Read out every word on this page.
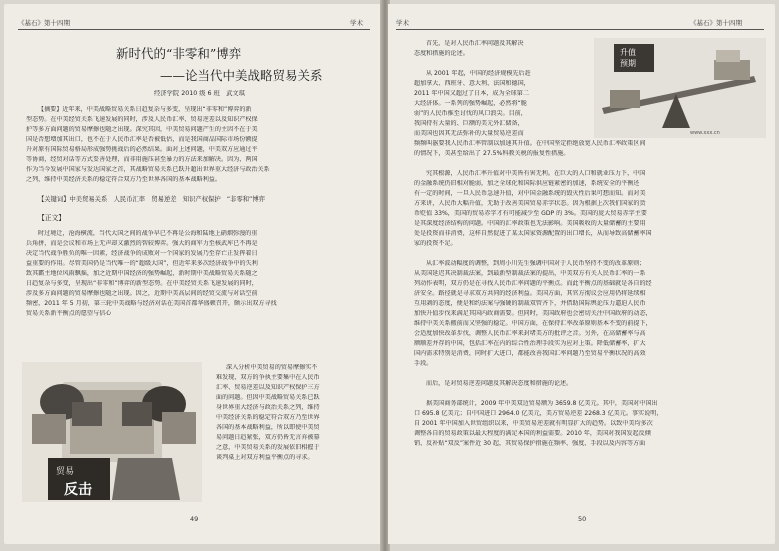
《基石》第十四期	学术
新时代的“非零和”博弈
——论当代中美战略贸易关系
经济学院 2010 级 6 班　武文琪
【摘要】近年来，中美战略贸易关系日趋复杂与多变，呈现出“非零和”博弈的新
型态势。在中美经贸关系飞速发展的同时，涉及人民币汇率、贸易逆差以及知识产权保
护等多方面问题的贸易摩擦也随之出现。深究其因，中美贸易问题产生的主因不在于美
国是否想增加其出口，也不在于人民币汇率是否被低估，而是我国商品国际市场份额提
升对原有国际贸易格局形成强势挑战后的必然结果。面对上述问题，中美双方应通过平
等协商，经贸对话等方式妥善处理，而非用施压甚至暴力的方法来加解决。因为，两国
作为当今发展中国家与发达国家之首，其战略贸易关系已跃升超出世界重大经济与政治关系
之列，维持中美经济关系的稳定符合双方乃至世界各国的基本战略利益。
【关键词】中美贸易关系　人民币汇率　贸易逆差　知识产权保护　“非零和”博弈
【正文】
时过境迁，沧海横流，当代大国之间的战争早已不再是公海和陆地上硝烟弥漫的重
兵角拼，而是会议和市场上无声却又激烈的智较博弈。强大的商军力至核武库已不再是
决定当代战争胜负的唯一因素，经济战争的成败对一个国家的发展乃至存亡正发挥着日
益重要的作用。尽管美国仍是当代唯一的“超级大国”，但近年来多次经济战争中的失利
致其霸主地位风雨飘摇，加之近期中国经济的强势崛起，新时期中美战略贸易关系随之
日趋复杂与多变，呈现出“非零和”博弈的新型态势。在中美经贸关系飞速发展的同时，
涉及多方面问题的贸易摩擦也随之出现。因之，近期中美高层间的经贸交流与对话空前
频密，2011 年 5 月初，第三轮中美战略与经济对话在美国首都华盛顿召开，颇示出双方寻找
贸易关系新平衡点的愿望与信心
贸易
反击
深入分析中美贸易的贸易摩擦实不
难发现，双方的争执主要集中在人民币
汇率、贸易逆差以及知识产权保护三方
面的问题。但因中美战略贸易关系已跃
身世界重大经济与政治关系之列，维持
中美经济关系的稳定符合双方乃至世界
各国的基本战略利益，所以即使中美贸
易问题日趋紧张，双方仍皆无言弃被幕
之意，中美贸易关系的发展依旧相握于
谈判桌上对双方利益平衡点的寻求。
49
学术	《基石》第十四期
首先，是对人民币汇率问题及其解决
态度和措施的论述。
从 2001 年起，中国的经济规模先后赶
超加拿大、西班牙、意大利、法国和德国，
2011 年中国又超过了日本，成为全球第二
大经济体。一系列的强势崛起，必然将“脆
弱”的人民币推至讨伐的风口浪尖。目前，
我国持有大量的、巨额的美元外汇储备，
而美国也因其无法弥补的大量贸易逆差而
频频叫嚣要我人民币汇率管制以加速其升值。在中国坚定拒绝放宽人民币汇率政策区间
的情况下，美甚至给出了 27.5%科教关税的报复性措施。
升值
预期
www.xxx.cn
究其根源，人民币汇率升值对中美皆有害无利。在巨大的人口和就业压力下，中国
的金融系统仍旧相对脆弱，加之全球化和国际供应链紧密的加速，系统安全的平衡还
有一定的时间，一旦人民币急速升值，对中国金融系统的毁灭性后果可想而知。而对美
方来讲，人民币大幅升值，无助于改善美国贸易赤字状态。因为根据上次我们国家的货
币贬值 33%，美国的贸易赤字才有可能减少至 GDP 的 3%。美国的庞大贸易赤字主要
是其深度经济结构的问题。中国的汇率政策也无法影响。美国吸收的大量储蓄的主要用
处是投资而非消费，这样自然促进了某太国家资源配置的出口增长，从而导致高储蓄率国
家的投资不足。
从汇率波动幅度的调整，到周小川先生强调中国对于人民币坚持不变的改革原则；
从美国延迟其决制裁法案，到最新型制裁法案的提出，中美双方有关人民币汇率的一系
列动作表明，双方仍是在寻找人民币汇率问题的平衡点。而此平衡点的基础就是各自的经
济安全。路径就是寻求双方共同的经济利益。美国方面，其官方彻议会应用仍将延续相
互用剥的态度，便是和约法案与强硬的制裁双管齐下，并借助国际舆论压力逼迫人民币
加快升值步伐来满足其国内政商需要。但同时，美国政府也会密切关注中国政府的动态，
维持中美关系搬前而又坚强的稳定。中国方面，在保持汇率改革原则基本不变的前提下，
会适度加快改革步伐，调整人民币汇率来封堵美方的批评之音。另外，在高储蓄率与高
额顺差并存的中国，包括汇率在内的综合性治理手段实为应对上策。降低储蓄率，扩大
国内需求特别是消费，同时扩大进口，都能改善我国汇率问题乃至贸易平衡状况的高效
手段。
而后，是对贸易逆差问题及其解决态度和措施的论述。
据美国商务部统计，2009 年中美双边贸易额为 3659.8 亿美元。其中，美国对中国出
口 695.8 亿美元；自中国进口 2964.0 亿美元，美方贸易逆差 2268.3 亿美元。事实说明，
自 2001 年中国加入世贸组织以来，中美贸易逆差就有明显扩大的趋势。以致中美均多次
调整各自的贸易政策以最大程度的满足本国的利益需要。2010 年，美国对我国发起反倾
销、反补贴“双反”案件近 30 起，其贸易保护措施在频率、强度、手段以及内容等方面
50
